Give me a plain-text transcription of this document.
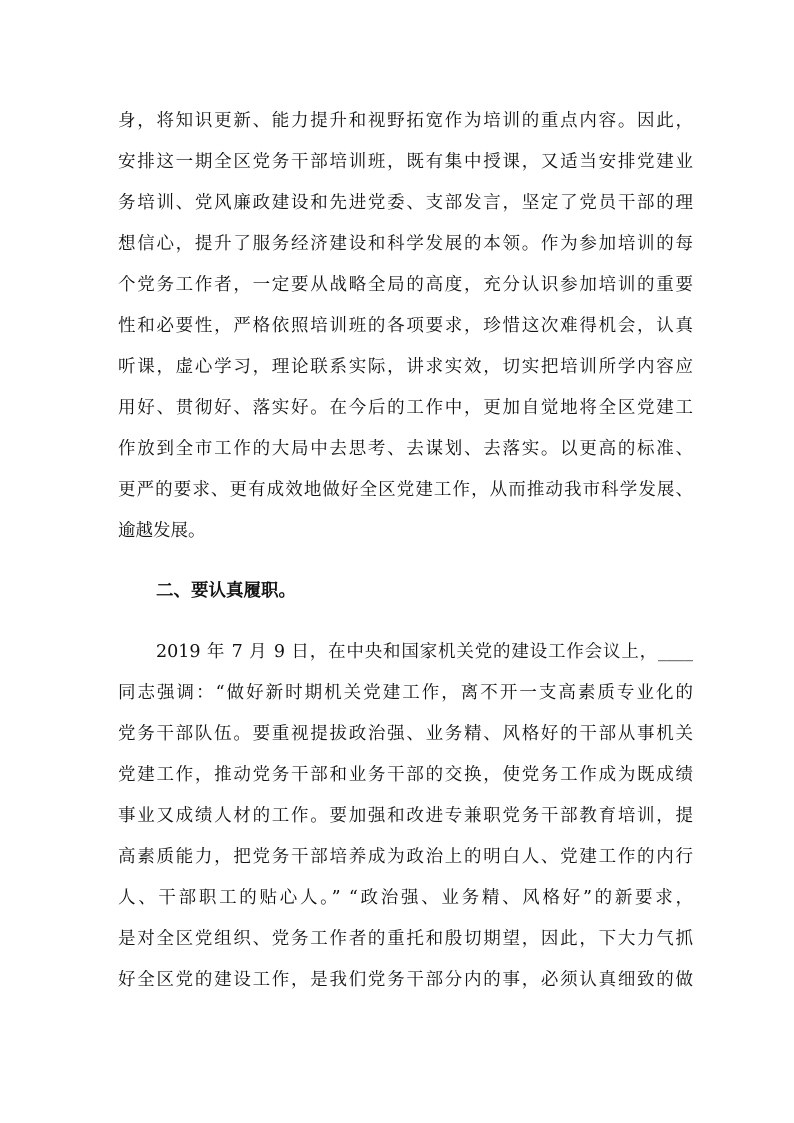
身，将知识更新、能力提升和视野拓宽作为培训的重点内容。因此，
安排这一期全区党务干部培训班，既有集中授课，又适当安排党建业
务培训、党风廉政建设和先进党委、支部发言，坚定了党员干部的理
想信心，提升了服务经济建设和科学发展的本领。作为参加培训的每
个党务工作者，一定要从战略全局的高度，充分认识参加培训的重要
性和必要性，严格依照培训班的各项要求，珍惜这次难得机会，认真
听课，虚心学习，理论联系实际，讲求实效，切实把培训所学内容应
用好、贯彻好、落实好。在今后的工作中，更加自觉地将全区党建工
作放到全市工作的大局中去思考、去谋划、去落实。以更高的标准、
更严的要求、更有成效地做好全区党建工作，从而推动我市科学发展、
逾越发展。
二、要认真履职。
2019 年 7 月 9 日，在中央和国家机关党的建设工作会议上，____
同志强调：“做好新时期机关党建工作，离不开一支高素质专业化的
党务干部队伍。要重视提拔政治强、业务精、风格好的干部从事机关
党建工作，推动党务干部和业务干部的交换，使党务工作成为既成绩
事业又成绩人材的工作。要加强和改进专兼职党务干部教育培训，提
高素质能力，把党务干部培养成为政治上的明白人、党建工作的内行
人、干部职工的贴心人。” “政治强、业务精、风格好”的新要求，
是对全区党组织、党务工作者的重托和殷切期望，因此，下大力气抓
好全区党的建设工作，是我们党务干部分内的事，必须认真细致的做
